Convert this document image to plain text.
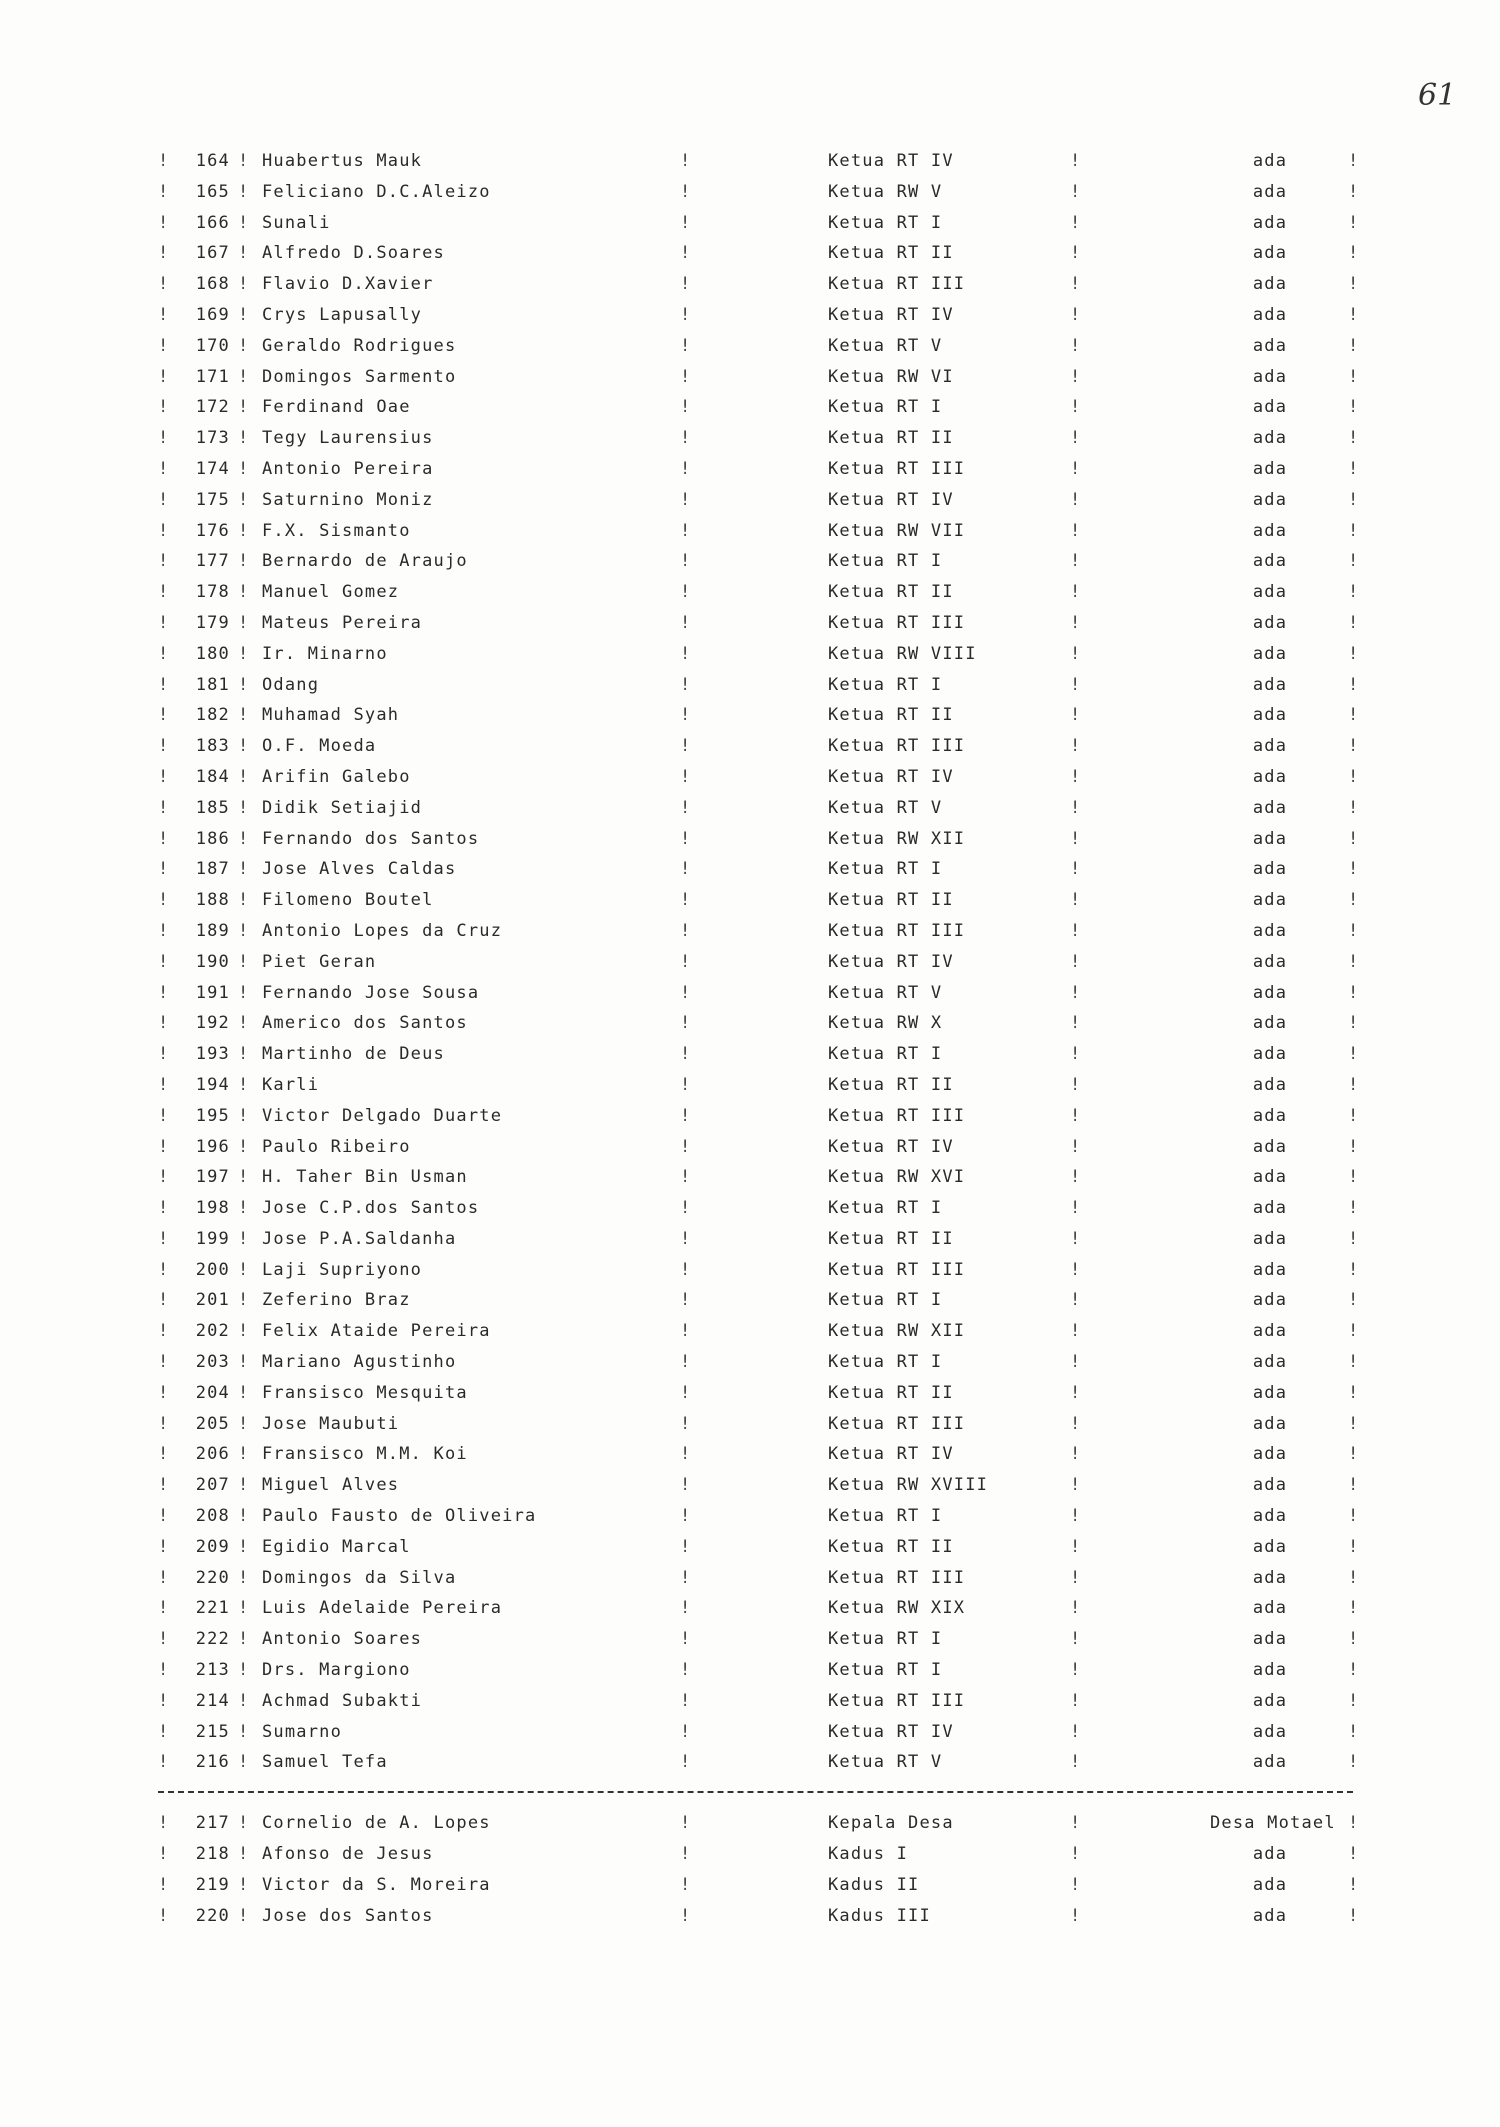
61
!	164 ! Huabertus Mauk	!	Ketua RT IV	!	ada	!
!	165 ! Feliciano D.C.Aleizo	!	Ketua RW V	!	ada	!
!	166 ! Sunali	!	Ketua RT I	!	ada	!
!	167 ! Alfredo D.Soares	!	Ketua RT II	!	ada	!
!	168 ! Flavio D.Xavier	!	Ketua RT III	!	ada	!
!	169 ! Crys Lapusally	!	Ketua RT IV	!	ada	!
!	170 ! Geraldo Rodrigues	!	Ketua RT V	!	ada	!
!	171 ! Domingos Sarmento	!	Ketua RW VI	!	ada	!
!	172 ! Ferdinand Oae	!	Ketua RT I	!	ada	!
!	173 ! Tegy Laurensius	!	Ketua RT II	!	ada	!
!	174 ! Antonio Pereira	!	Ketua RT III	!	ada	!
!	175 ! Saturnino Moniz	!	Ketua RT IV	!	ada	!
!	176 ! F.X. Sismanto	!	Ketua RW VII	!	ada	!
!	177 ! Bernardo de Araujo	!	Ketua RT I	!	ada	!
!	178 ! Manuel Gomez	!	Ketua RT II	!	ada	!
!	179 ! Mateus Pereira	!	Ketua RT III	!	ada	!
!	180 ! Ir. Minarno	!	Ketua RW VIII	!	ada	!
!	181 ! Odang	!	Ketua RT I	!	ada	!
!	182 ! Muhamad Syah	!	Ketua RT II	!	ada	!
!	183 ! O.F. Moeda	!	Ketua RT III	!	ada	!
!	184 ! Arifin Galebo	!	Ketua RT IV	!	ada	!
!	185 ! Didik Setiajid	!	Ketua RT V	!	ada	!
!	186 ! Fernando dos Santos	!	Ketua RW XII	!	ada	!
!	187 ! Jose Alves Caldas	!	Ketua RT I	!	ada	!
!	188 ! Filomeno Boutel	!	Ketua RT II	!	ada	!
!	189 ! Antonio Lopes da Cruz	!	Ketua RT III	!	ada	!
!	190 ! Piet Geran	!	Ketua RT IV	!	ada	!
!	191 ! Fernando Jose Sousa	!	Ketua RT V	!	ada	!
!	192 ! Americo dos Santos	!	Ketua RW X	!	ada	!
!	193 ! Martinho de Deus	!	Ketua RT I	!	ada	!
!	194 ! Karli	!	Ketua RT II	!	ada	!
!	195 ! Victor Delgado Duarte	!	Ketua RT III	!	ada	!
!	196 ! Paulo Ribeiro	!	Ketua RT IV	!	ada	!
!	197 ! H. Taher Bin Usman	!	Ketua RW XVI	!	ada	!
!	198 ! Jose C.P.dos Santos	!	Ketua RT I	!	ada	!
!	199 ! Jose P.A.Saldanha	!	Ketua RT II	!	ada	!
!	200 ! Laji Supriyono	!	Ketua RT III	!	ada	!
!	201 ! Zeferino Braz	!	Ketua RT I	!	ada	!
!	202 ! Felix Ataide Pereira	!	Ketua RW XII	!	ada	!
!	203 ! Mariano Agustinho	!	Ketua RT I	!	ada	!
!	204 ! Fransisco Mesquita	!	Ketua RT II	!	ada	!
!	205 ! Jose Maubuti	!	Ketua RT III	!	ada	!
!	206 ! Fransisco M.M. Koi	!	Ketua RT IV	!	ada	!
!	207 ! Miguel Alves	!	Ketua RW XVIII	!	ada	!
!	208 ! Paulo Fausto de Oliveira	!	Ketua RT I	!	ada	!
!	209 ! Egidio Marcal	!	Ketua RT II	!	ada	!
!	220 ! Domingos da Silva	!	Ketua RT III	!	ada	!
!	221 ! Luis Adelaide Pereira	!	Ketua RW XIX	!	ada	!
!	222 ! Antonio Soares	!	Ketua RT I	!	ada	!
!	213 ! Drs. Margiono	!	Ketua RT I	!	ada	!
!	214 ! Achmad Subakti	!	Ketua RT III	!	ada	!
!	215 ! Sumarno	!	Ketua RT IV	!	ada	!
!	216 ! Samuel Tefa	!	Ketua RT V	!	ada	!
!	217 ! Cornelio de A. Lopes	!	Kepala Desa	!	Desa Motael !
!	218 ! Afonso de Jesus	!	Kadus I	!	ada	!
!	219 ! Victor da S. Moreira	!	Kadus II	!	ada	!
!	220 ! Jose dos Santos	!	Kadus III	!	ada	!
